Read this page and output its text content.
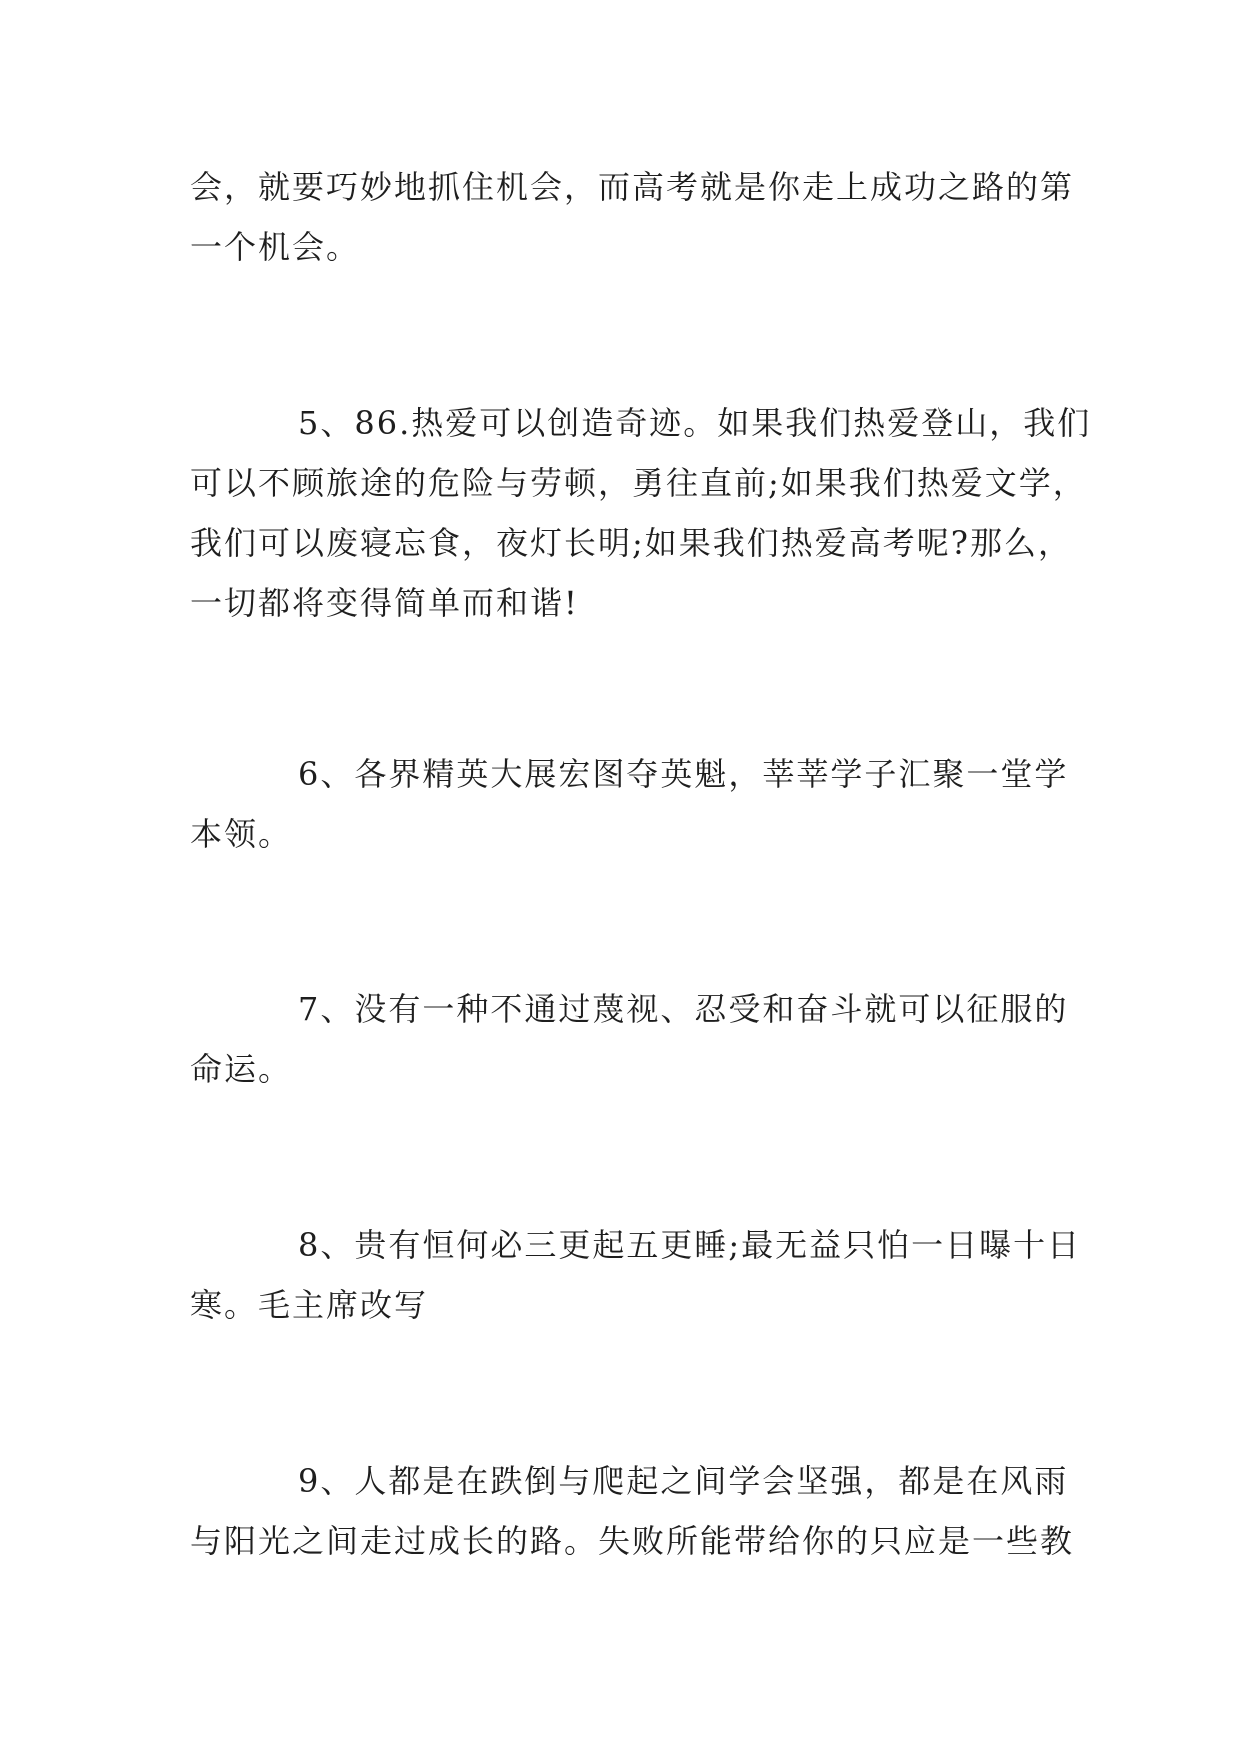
会，就要巧妙地抓住机会，而高考就是你走上成功之路的第
一个机会。
5、86.热爱可以创造奇迹。如果我们热爱登山，我们
可以不顾旅途的危险与劳顿，勇往直前;如果我们热爱文学，
我们可以废寝忘食，夜灯长明;如果我们热爱高考呢?那么，
一切都将变得简单而和谐!
6、各界精英大展宏图夺英魁，莘莘学子汇聚一堂学
本领。
7、没有一种不通过蔑视、忍受和奋斗就可以征服的
命运。
8、贵有恒何必三更起五更睡;最无益只怕一日曝十日
寒。毛主席改写
9、人都是在跌倒与爬起之间学会坚强，都是在风雨
与阳光之间走过成长的路。失败所能带给你的只应是一些教
